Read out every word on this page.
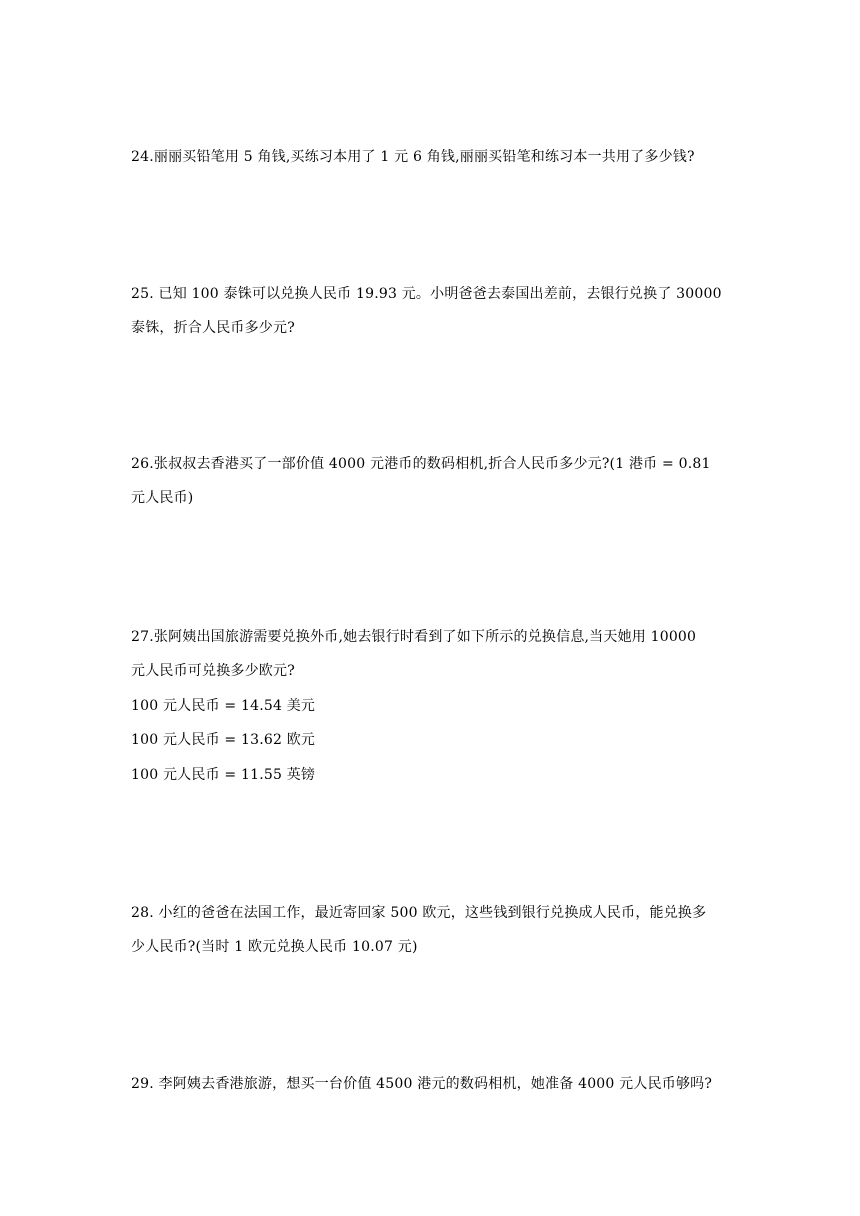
24.丽丽买铅笔用 5 角钱,买练习本用了 1 元 6 角钱,丽丽买铅笔和练习本一共用了多少钱?
25. 已知 100 泰铢可以兑换人民币 19.93 元。小明爸爸去泰国出差前，去银行兑换了 30000
泰铢，折合人民币多少元?
26.张叔叔去香港买了一部价值 4000 元港币的数码相机,折合人民币多少元?(1 港币 = 0.81
元人民币)
27.张阿姨出国旅游需要兑换外币,她去银行时看到了如下所示的兑换信息,当天她用 10000
元人民币可兑换多少欧元?
100 元人民币 = 14.54 美元
100 元人民币 = 13.62 欧元
100 元人民币 = 11.55 英镑
28. 小红的爸爸在法国工作，最近寄回家 500 欧元，这些钱到银行兑换成人民币，能兑换多
少人民币?(当时 1 欧元兑换人民币 10.07 元)
29. 李阿姨去香港旅游，想买一台价值 4500 港元的数码相机，她准备 4000 元人民币够吗?
